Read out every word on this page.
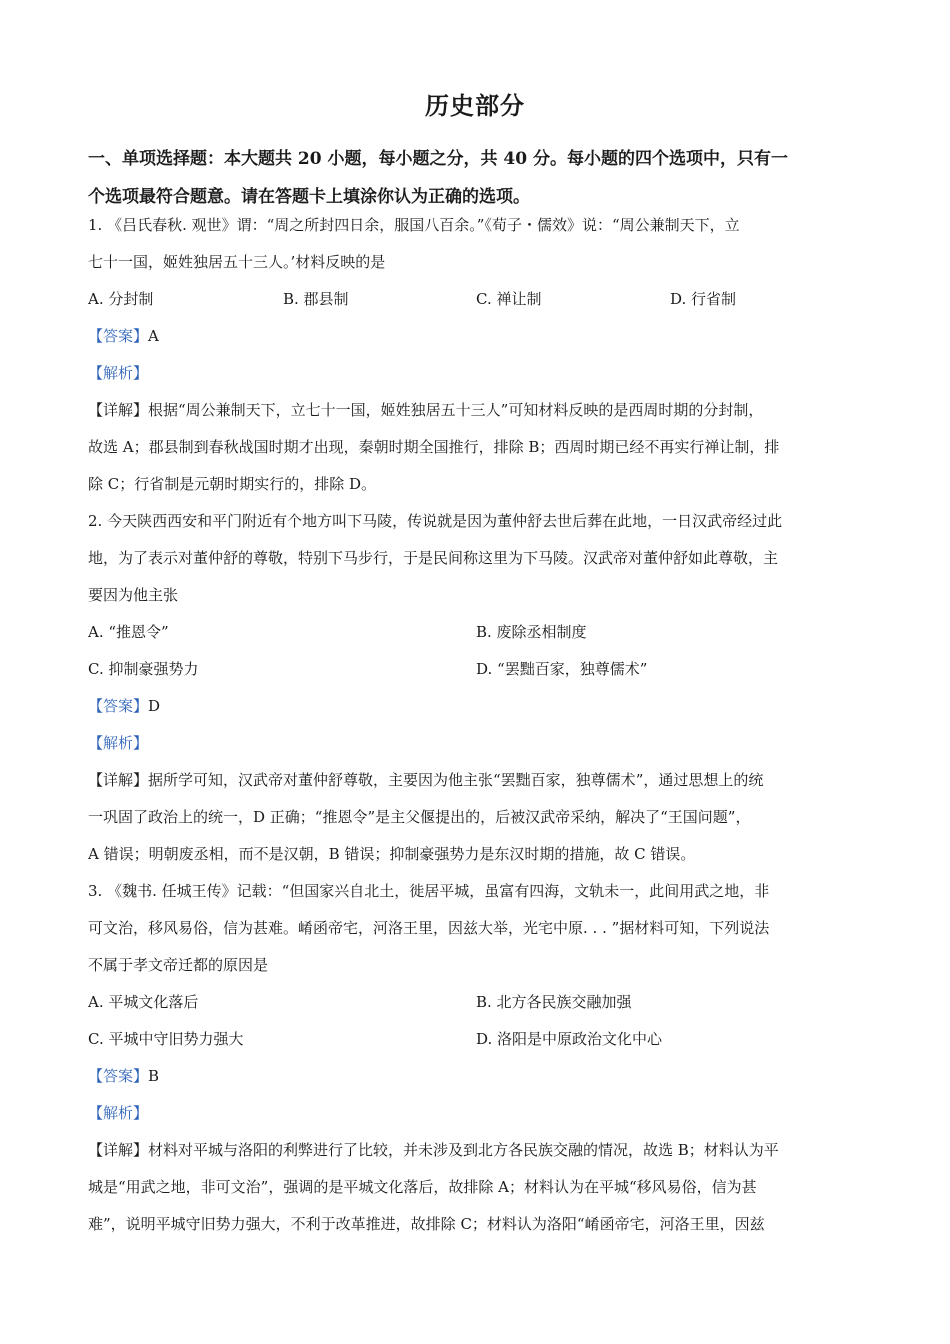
历史部分
一、单项选择题：本大题共 20 小题，每小题之分，共 40 分。每小题的四个选项中，只有一
个选项最符合题意。请在答题卡上填涂你认为正确的选项。
1. 《吕氏春秋. 观世》谓：“周之所封四日余，服国八百余。”《荀子・儒效》说：“周公兼制天下，立
七十一国，姬姓独居五十三人。’材料反映的是
A. 分封制	B. 郡县制	C. 禅让制	D. 行省制
【答案】A
【解析】
【详解】根据“周公兼制天下，立七十一国，姬姓独居五十三人”可知材料反映的是西周时期的分封制，
故选 A；郡县制到春秋战国时期才出现，秦朝时期全国推行，排除 B；西周时期已经不再实行禅让制，排
除 C；行省制是元朝时期实行的，排除 D。
2. 今天陕西西安和平门附近有个地方叫下马陵，传说就是因为董仲舒去世后葬在此地，一日汉武帝经过此
地，为了表示对董仲舒的尊敬，特别下马步行，于是民间称这里为下马陵。汉武帝对董仲舒如此尊敬，主
要因为他主张
A. “推恩令”	B. 废除丞相制度
C. 抑制豪强势力	D. “罢黜百家，独尊儒术”
【答案】D
【解析】
【详解】据所学可知，汉武帝对董仲舒尊敬，主要因为他主张“罢黜百家，独尊儒术”，通过思想上的统
一巩固了政治上的统一，D 正确；“推恩令”是主父偃提出的，后被汉武帝采纳，解决了“王国问题”，
A 错误；明朝废丞相，而不是汉朝，B 错误；抑制豪强势力是东汉时期的措施，故 C 错误。
3. 《魏书. 任城王传》记载：“但国家兴自北土，徙居平城，虽富有四海，文轨未一，此间用武之地，非
可文治，移风易俗，信为甚难。崤函帝宅，河洛王里，因兹大举，光宅中原. . . ”据材料可知，下列说法
不属于孝文帝迁都的原因是
A. 平城文化落后	B. 北方各民族交融加强
C. 平城中守旧势力强大	D. 洛阳是中原政治文化中心
【答案】B
【解析】
【详解】材料对平城与洛阳的利弊进行了比较，并未涉及到北方各民族交融的情况，故选 B；材料认为平
城是“用武之地，非可文治”，强调的是平城文化落后，故排除 A；材料认为在平城“移风易俗，信为甚
难”，说明平城守旧势力强大，不利于改革推进，故排除 C；材料认为洛阳“崤函帝宅，河洛王里，因兹
